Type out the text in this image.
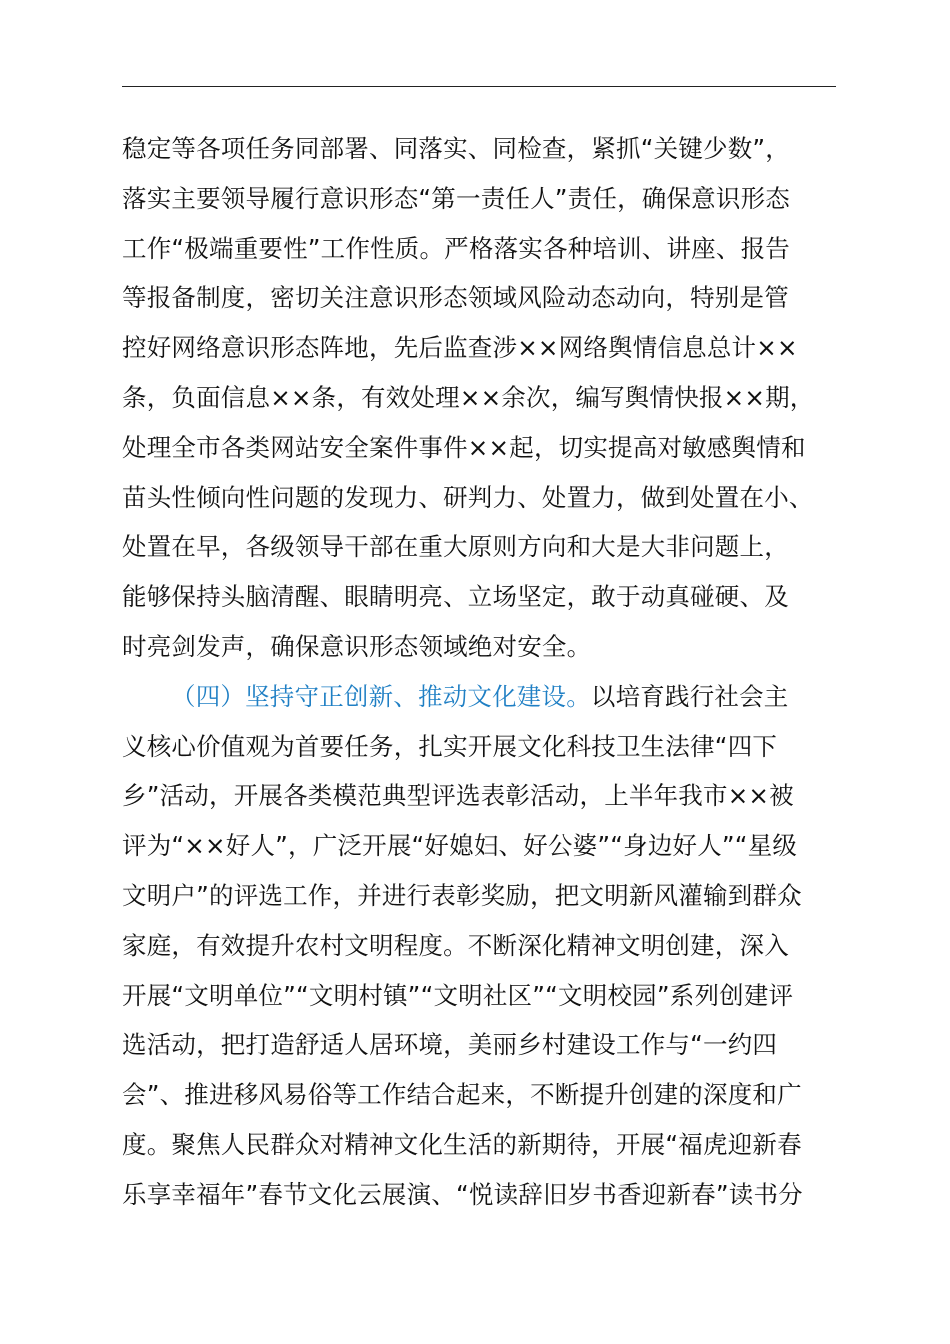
稳定等各项任务同部署、同落实、同检查，紧抓“关键少数”，
落实主要领导履行意识形态“第一责任人”责任，确保意识形态
工作“极端重要性”工作性质。严格落实各种培训、讲座、报告
等报备制度，密切关注意识形态领域风险动态动向，特别是管
控好网络意识形态阵地，先后监查涉××网络舆情信息总计××
条，负面信息××条，有效处理××余次，编写舆情快报××期，
处理全市各类网站安全案件事件××起，切实提高对敏感舆情和
苗头性倾向性问题的发现力、研判力、处置力，做到处置在小、
处置在早，各级领导干部在重大原则方向和大是大非问题上，
能够保持头脑清醒、眼睛明亮、立场坚定，敢于动真碰硬、及
时亮剑发声，确保意识形态领域绝对安全。
（四）坚持守正创新、推动文化建设。以培育践行社会主
义核心价值观为首要任务，扎实开展文化科技卫生法律“四下
乡”活动，开展各类模范典型评选表彰活动，上半年我市××被
评为“××好人”，广泛开展“好媳妇、好公婆”“身边好人”“星级
文明户”的评选工作，并进行表彰奖励，把文明新风灌输到群众
家庭，有效提升农村文明程度。不断深化精神文明创建，深入
开展“文明单位”“文明村镇”“文明社区”“文明校园”系列创建评
选活动，把打造舒适人居环境，美丽乡村建设工作与“一约四
会”、推进移风易俗等工作结合起来，不断提升创建的深度和广
度。聚焦人民群众对精神文化生活的新期待，开展“福虎迎新春
乐享幸福年”春节文化云展演、“悦读辞旧岁书香迎新春”读书分
